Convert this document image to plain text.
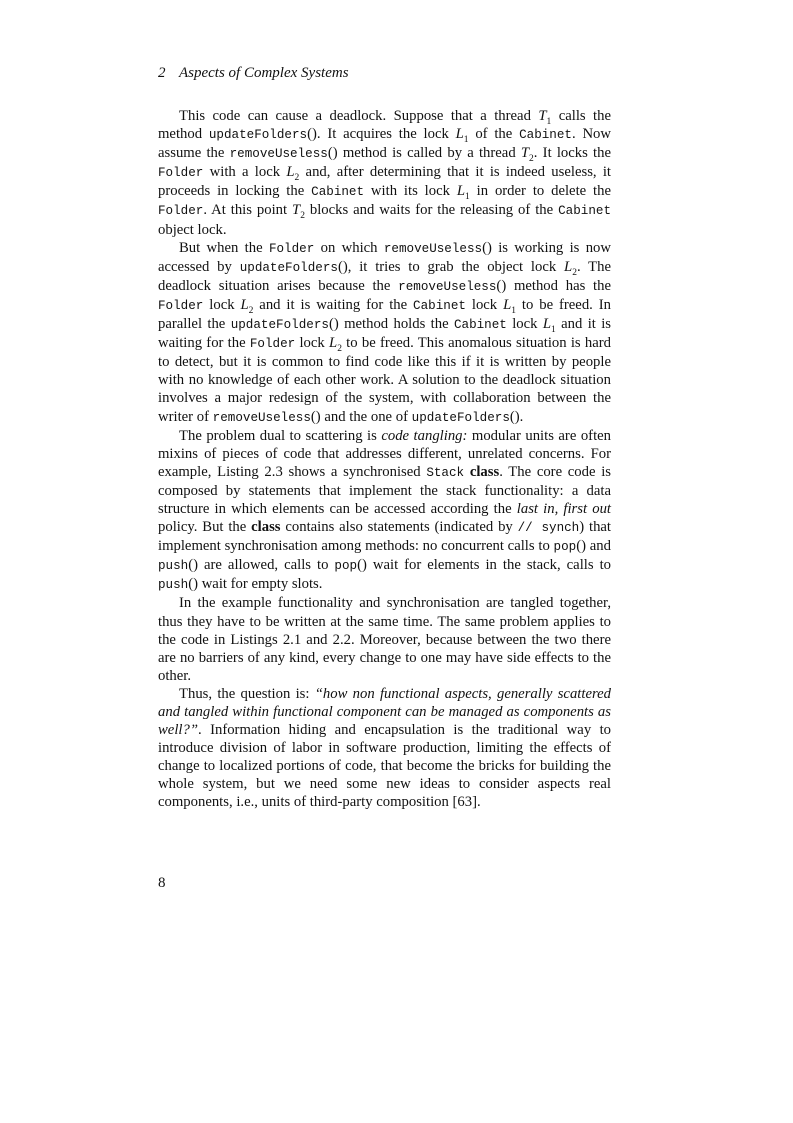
2 Aspects of Complex Systems

This code can cause a deadlock. Suppose that a thread $T_1$ calls the method updateFolders(). It acquires the lock $L_1$ of the Cabinet. Now assume the removeUseless() method is called by a thread $T_2$. It locks the Folder with a lock $L_2$ and, after determining that it is indeed useless, it proceeds in locking the Cabinet with its lock $L_1$ in order to delete the Folder. At this point $T_2$ blocks and waits for the releasing of the Cabinet object lock.

But when the Folder on which removeUseless() is working is now accessed by updateFolders(), it tries to grab the object lock $L_2$. The deadlock situation arises because the removeUseless() method has the Folder lock $L_2$ and it is waiting for the Cabinet lock $L_1$ to be freed. In parallel the updateFolders() method holds the Cabinet lock $L_1$ and it is waiting for the Folder lock $L_2$ to be freed. This anomalous situation is hard to detect, but it is common to find code like this if it is written by people with no knowledge of each other work. A solution to the deadlock situation involves a major redesign of the system, with collaboration between the writer of removeUseless() and the one of updateFolders().

The problem dual to scattering is code tangling: modular units are often mixins of pieces of code that addresses different, unrelated concerns. For example, Listing 2.3 shows a synchronised Stack class. The core code is composed by statements that implement the stack functionality: a data structure in which elements can be accessed according the last in, first out policy. But the class contains also statements (indicated by // synch) that implement synchronisation among methods: no concurrent calls to pop() and push() are allowed, calls to pop() wait for elements in the stack, calls to push() wait for empty slots.

In the example functionality and synchronisation are tangled together, thus they have to be written at the same time. The same problem applies to the code in Listings 2.1 and 2.2. Moreover, because between the two there are no barriers of any kind, every change to one may have side effects to the other.

Thus, the question is: “how non functional aspects, generally scattered and tangled within functional component can be managed as components as well?”. Information hiding and encapsulation is the traditional way to introduce division of labor in software production, limiting the effects of change to localized portions of code, that become the bricks for building the whole system, but we need some new ideas to consider aspects real components, i.e., units of third-party composition [63].

8
